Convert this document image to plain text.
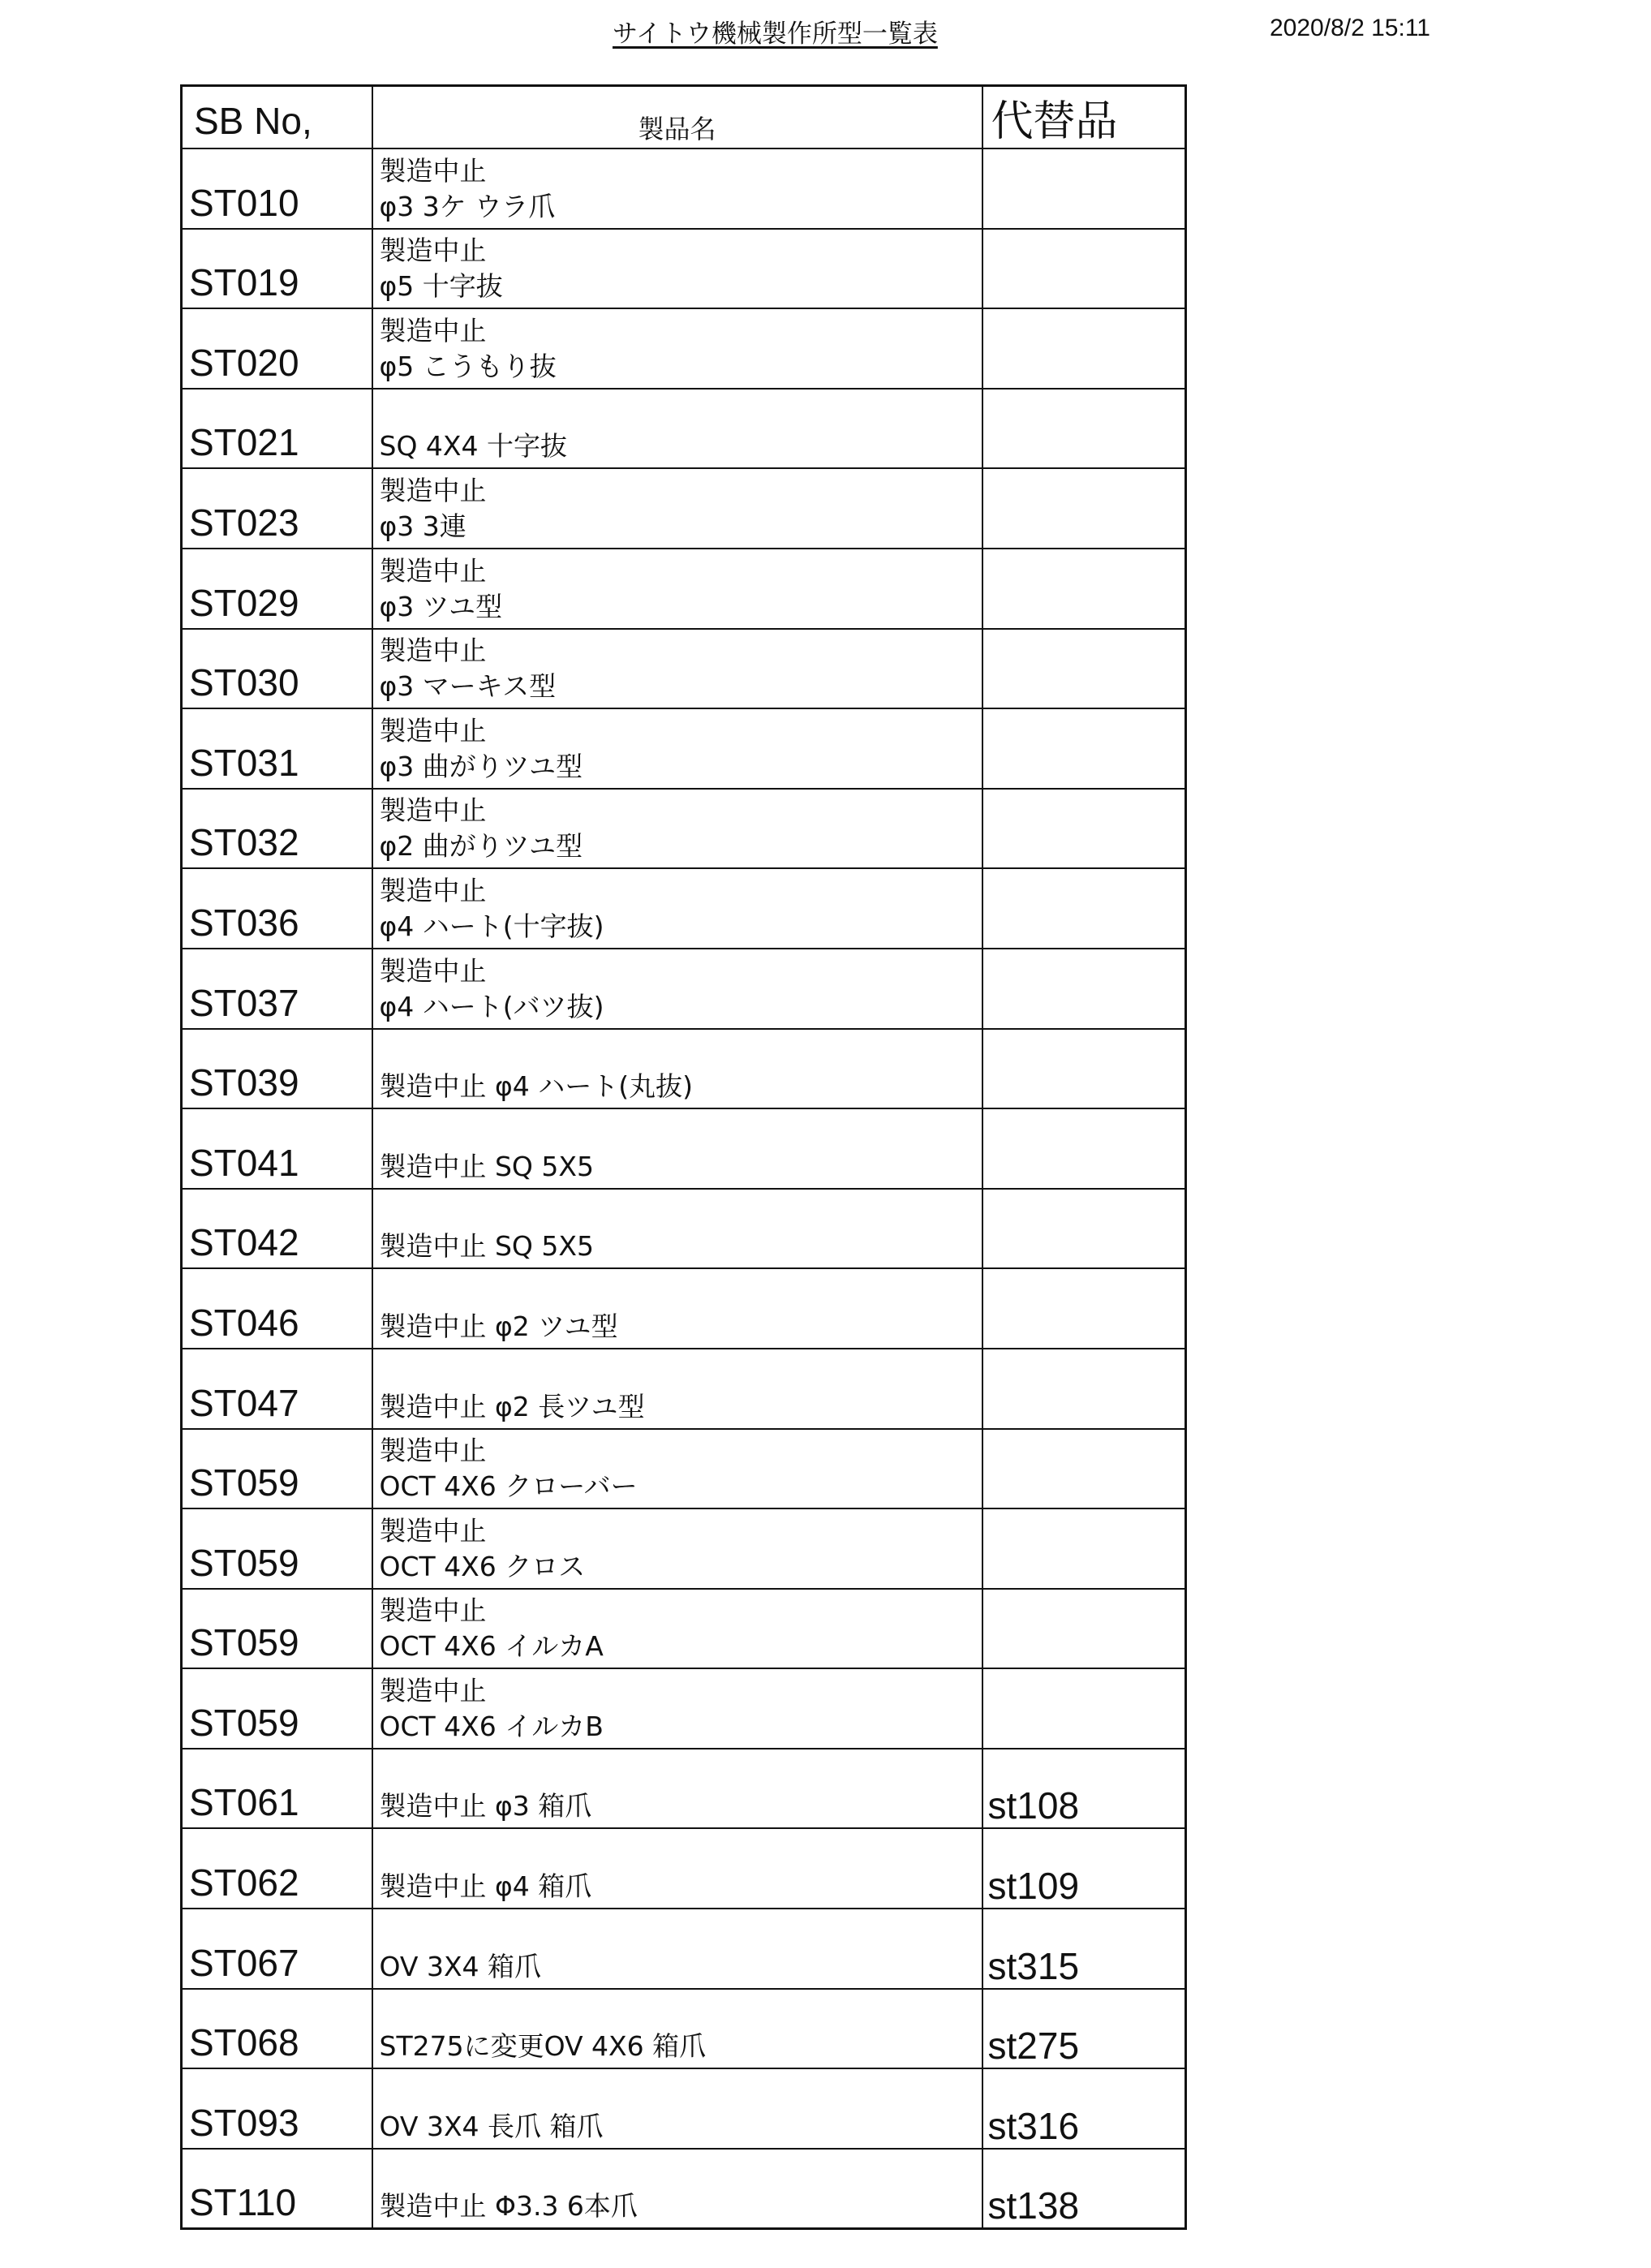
サイトウ機械製作所型一覧表	2020/8/2 15:11
SB No,	製品名	代替品
ST010	製造中止
φ3 3ケ ウラ爪	

ST019	製造中止
φ5 十字抜	

ST020	製造中止
φ5 こうもり抜	

ST021	SQ 4X4 十字抜	

ST023	製造中止
φ3 3連	

ST029	製造中止
φ3 ツユ型	

ST030	製造中止
φ3 マーキス型	

ST031	製造中止
φ3 曲がりツユ型	

ST032	製造中止
φ2 曲がりツユ型	

ST036	製造中止
φ4 ハート(十字抜)	

ST037	製造中止
φ4 ハート(バツ抜)	

ST039	製造中止 φ4 ハート(丸抜)	

ST041	製造中止 SQ 5X5	

ST042	製造中止 SQ 5X5	

ST046	製造中止 φ2 ツユ型	

ST047	製造中止 φ2 長ツユ型	

ST059	製造中止
OCT 4X6 クローバー	

ST059	製造中止
OCT 4X6 クロス	

ST059	製造中止
OCT 4X6 イルカA	

ST059	製造中止
OCT 4X6 イルカB	

ST061	製造中止 φ3 箱爪	st108
ST062	製造中止 φ4 箱爪	st109
ST067	OV 3X4 箱爪	st315
ST068	ST275に変更OV 4X6 箱爪	st275
ST093	OV 3X4 長爪 箱爪	st316
ST110	製造中止 Φ3.3 6本爪	st138
